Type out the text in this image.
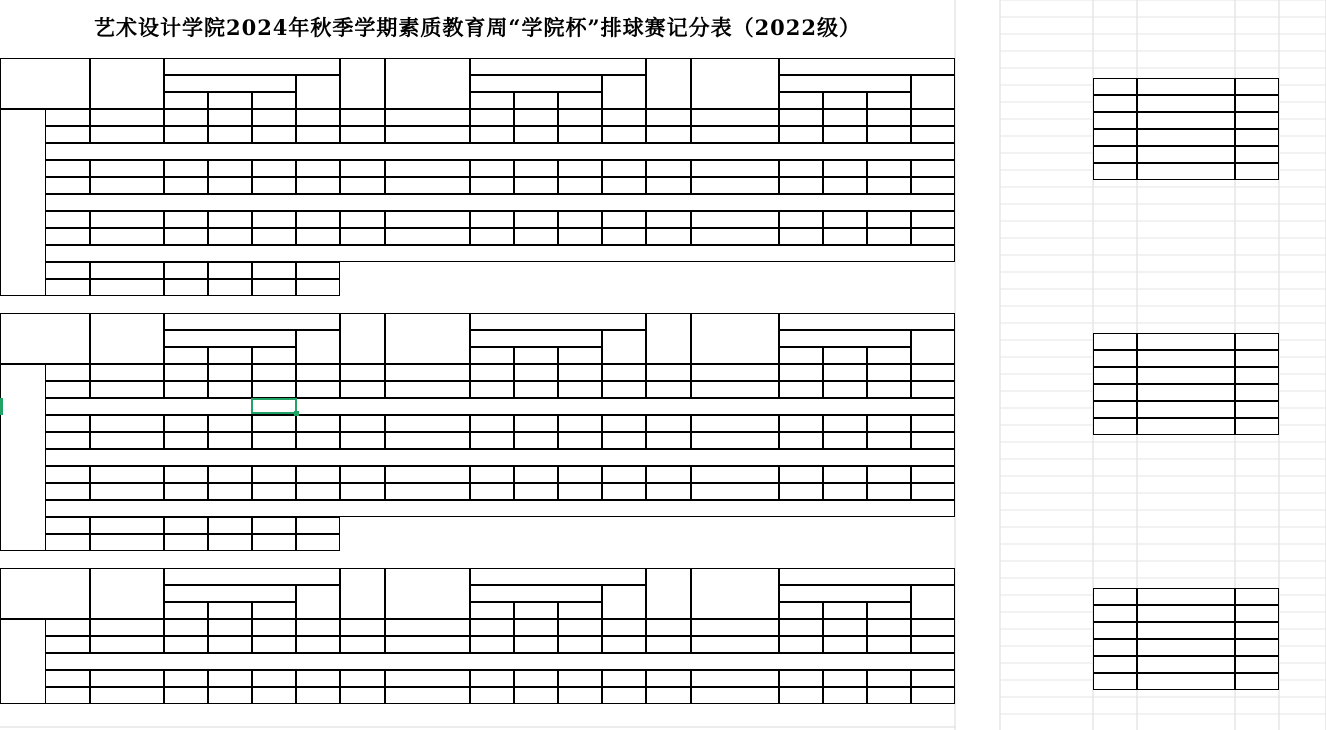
艺术设计学院2024年秋季学期素质教育周“学院杯”排球赛记分表（2022级）
